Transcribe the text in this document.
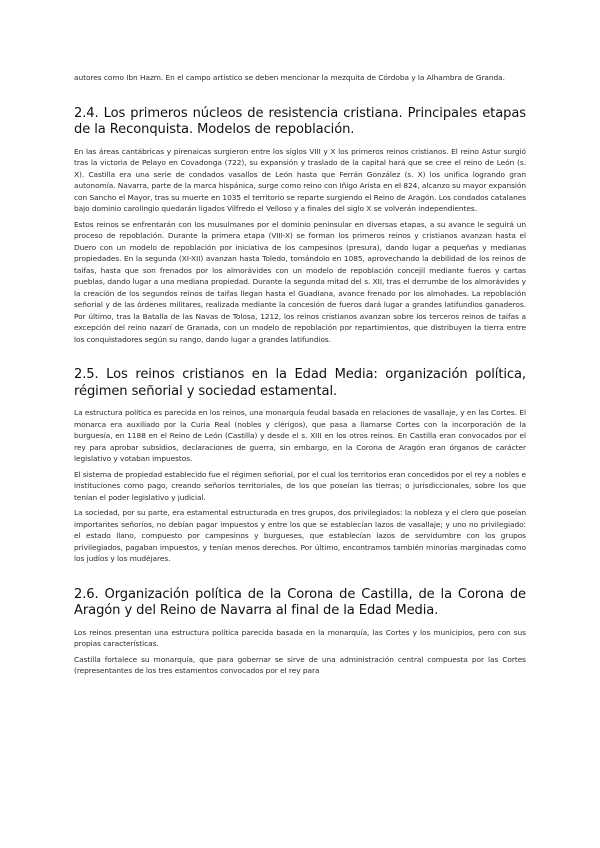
autores como Ibn Hazm. En el campo artístico se deben mencionar la mezquita de Córdoba y la Alhambra de Granda.

2.4. Los primeros núcleos de resistencia cristiana. Principales etapas de la Reconquista. Modelos de repoblación.

En las áreas cantábricas y pirenaicas surgieron entre los siglos VIII y X los primeros reinos cristianos. El reino Astur surgió tras la victoria de Pelayo en Covadonga (722), su expansión y traslado de la capital hará que se cree el reino de León (s. X). Castilla era una serie de condados vasallos de León hasta que Ferrán González (s. X) los unifica logrando gran autonomía. Navarra, parte de la marca hispánica, surge como reino con Iñigo Arista en el 824, alcanzo su mayor expansión con Sancho el Mayor, tras su muerte en 1035 el territorio se reparte surgiendo el Reino de Aragón. Los condados catalanes bajo dominio carolingio quedarán ligados Vilfredo el Velloso y a finales del siglo X se volverán independientes.

Estos reinos se enfrentarán con los musulmanes por el dominio peninsular en diversas etapas, a su avance le seguirá un proceso de repoblación. Durante la primera etapa (VIII-X) se forman los primeros reinos y cristianos avanzan hasta el Duero con un modelo de repoblación por iniciativa de los campesinos (presura), dando lugar a pequeñas y medianas propiedades. En la segunda (XI-XII) avanzan hasta Toledo, tomándolo en 1085, aprovechando la debilidad de los reinos de taifas, hasta que son frenados por los almorávides con un modelo de repoblación concejil mediante fueros y cartas pueblas, dando lugar a una mediana propiedad. Durante la segunda mitad del s. XII, tras el derrumbe de los almorávides y la creación de los segundos reinos de taifas llegan hasta el Guadiana, avance frenado por los almohades. La repoblación señorial y de las órdenes militares, realizada mediante la concesión de fueros dará lugar a grandes latifundios ganaderos. Por último, tras la Batalla de las Navas de Tolosa, 1212, los reinos cristianos avanzan sobre los terceros reinos de taifas a excepción del reino nazarí de Granada, con un modelo de repoblación por repartimientos, que distribuyen la tierra entre los conquistadores según su rango, dando lugar a grandes latifundios.

2.5. Los reinos cristianos en la Edad Media: organización política, régimen señorial y sociedad estamental.

La estructura política es parecida en los reinos, una monarquía feudal basada en relaciones de vasallaje, y en las Cortes. El monarca era auxiliado por la Curia Real (nobles y clérigos), que pasa a llamarse Cortes con la incorporación de la burguesía, en 1188 en el Reino de León (Castilla) y desde el s. XIII en los otros reinos. En Castilla eran convocados por el rey para aprobar subsidios, declaraciones de guerra, sin embargo, en la Corona de Aragón eran órganos de carácter legislativo y votaban impuestos.

El sistema de propiedad establecido fue el régimen señorial, por el cual los territorios eran concedidos por el rey a nobles e instituciones como pago, creando señoríos territoriales, de los que poseían las tierras; o jurisdiccionales, sobre los que tenían el poder legislativo y judicial.

La sociedad, por su parte, era estamental estructurada en tres grupos, dos privilegiados: la nobleza y el clero que poseían importantes señoríos, no debían pagar impuestos y entre los que se establecían lazos de vasallaje; y uno no privilegiado: el estado llano, compuesto por campesinos y burgueses, que establecían lazos de servidumbre con los grupos privilegiados, pagaban impuestos, y tenían menos derechos. Por último, encontramos también minorías marginadas como los judíos y los mudéjares.

2.6. Organización política de la Corona de Castilla, de la Corona de Aragón y del Reino de Navarra al final de la Edad Media.

Los reinos presentan una estructura política parecida basada en la monarquía, las Cortes y los municipios, pero con sus propias características.

Castilla fortalece su monarquía, que para gobernar se sirve de una administración central compuesta por las Cortes (representantes de los tres estamentos convocados por el rey para
